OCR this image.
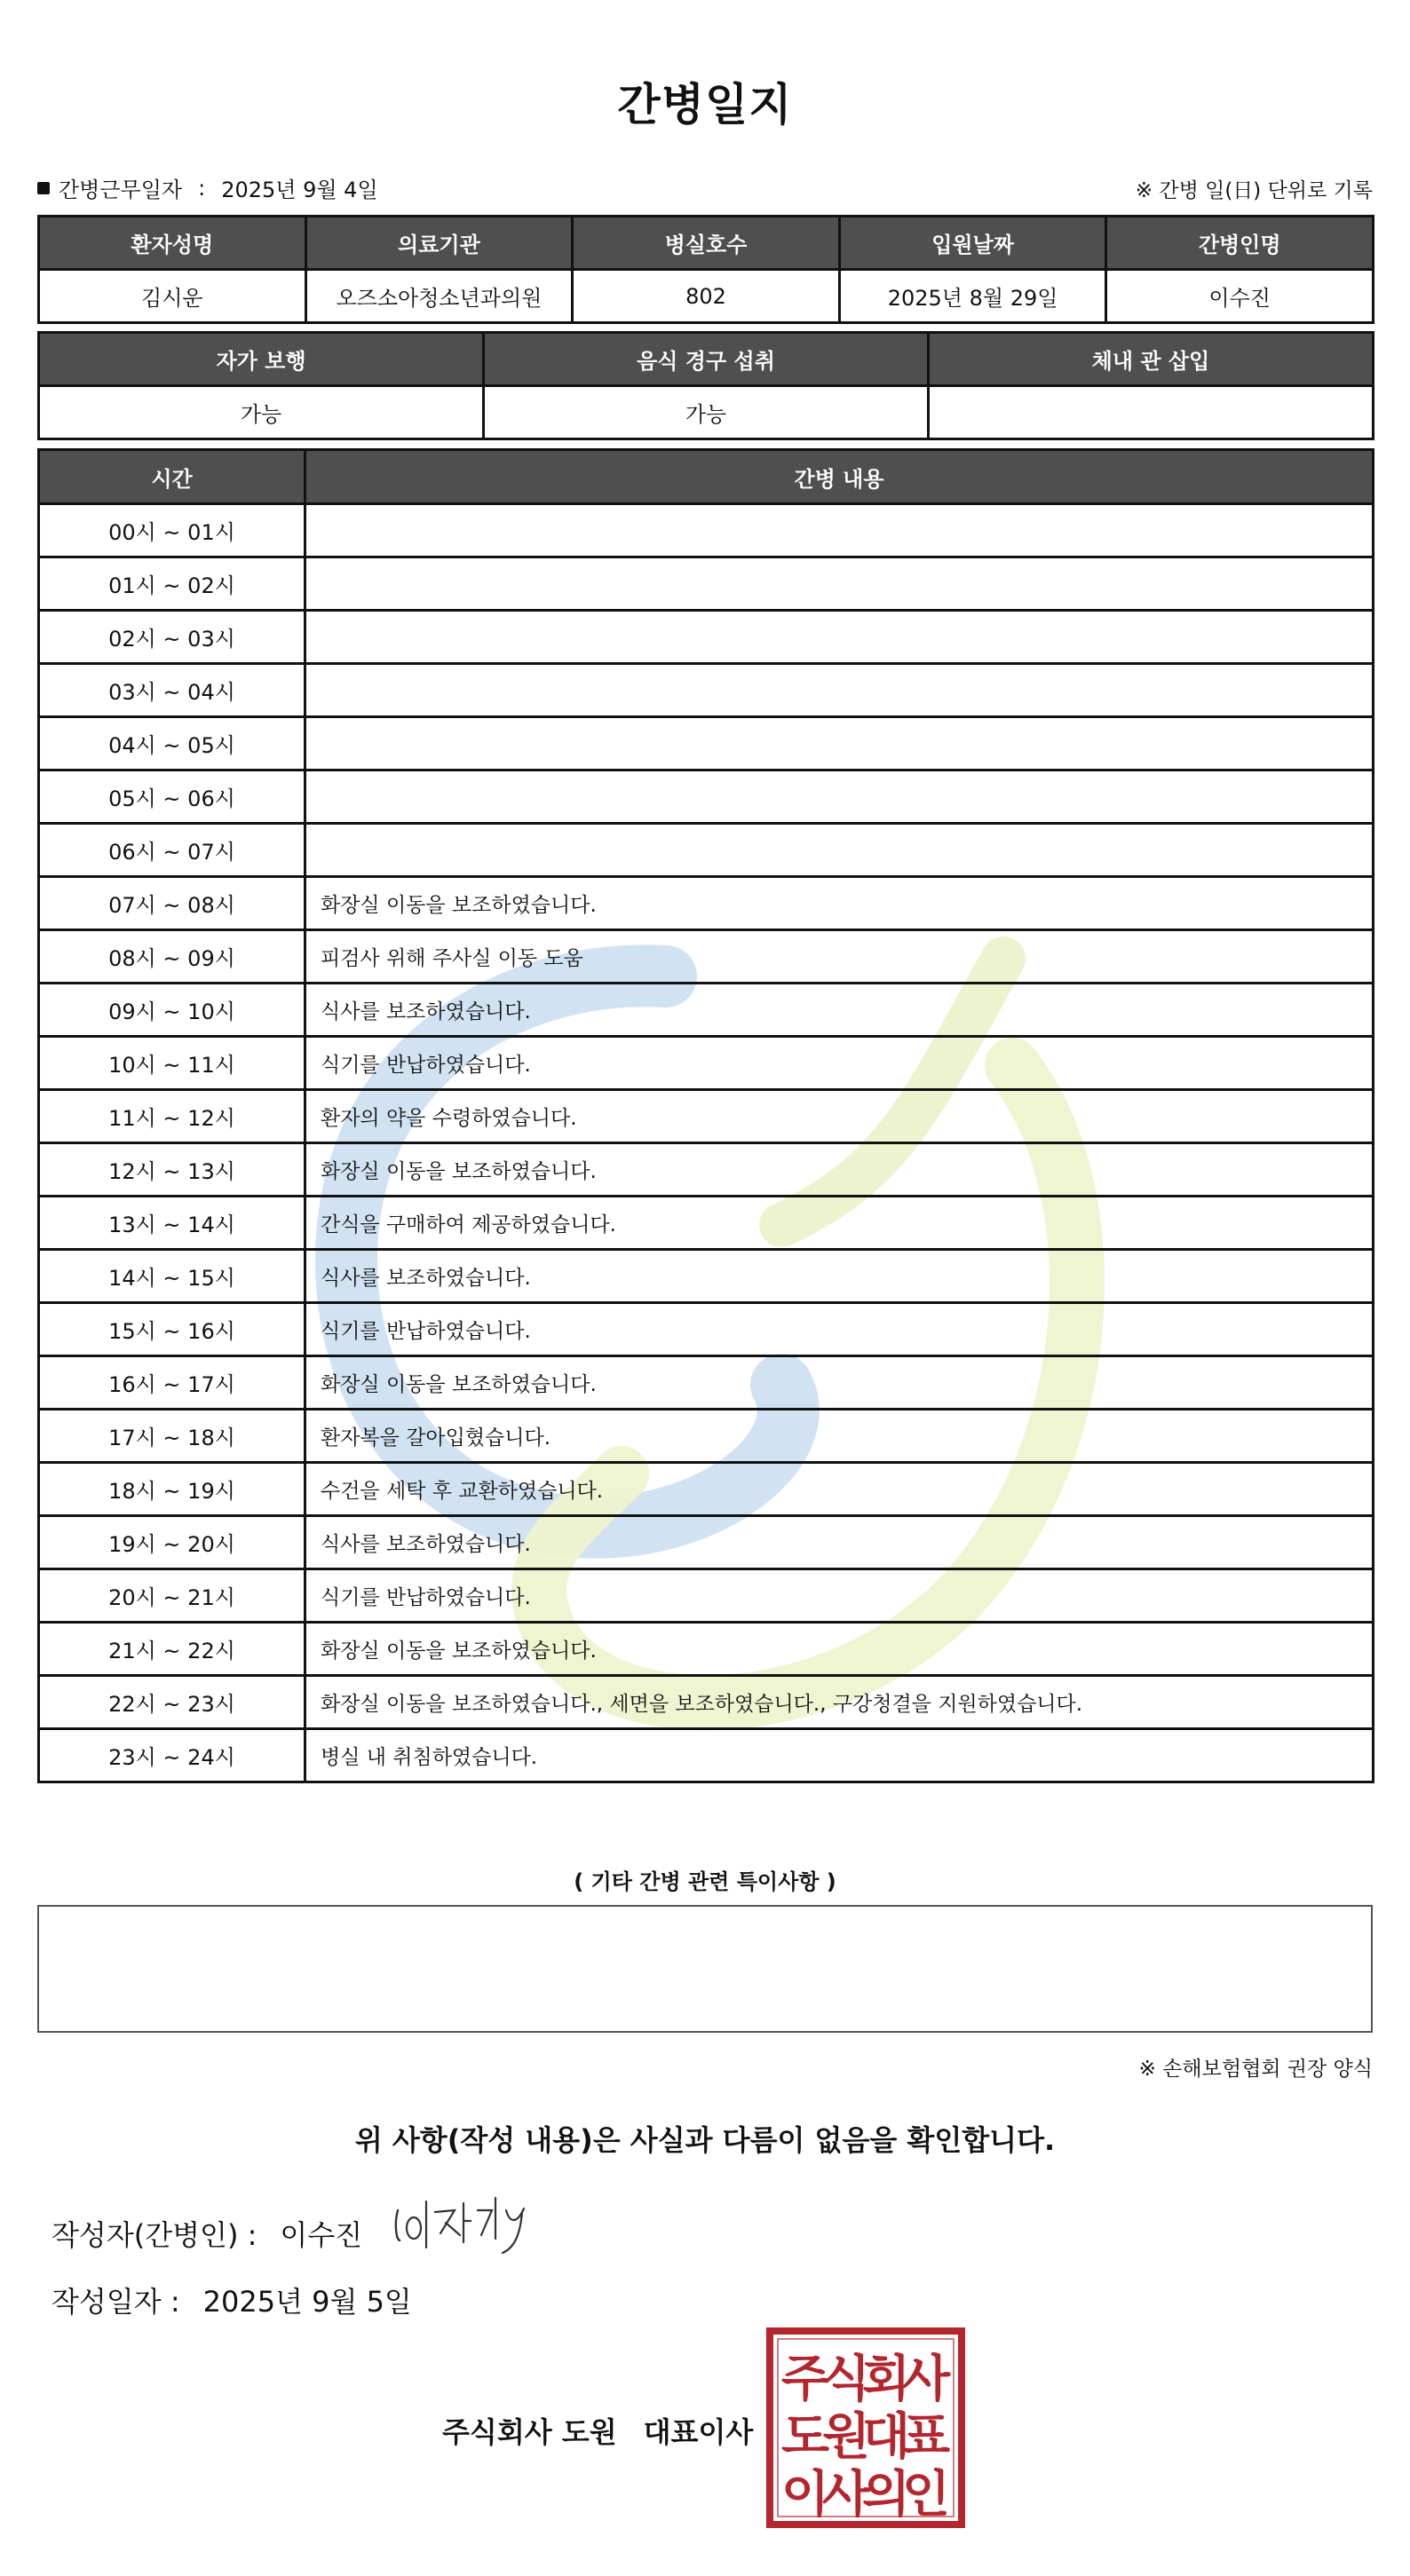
간병일지
간병근무일자 : 2025년 9월 4일	※ 간병 일(日) 단위로 기록
환자성명	의료기관	병실호수	입원날짜	간병인명
김시운	오즈소아청소년과의원	802	2025년 8월 29일	이수진
자가 보행	음식 경구 섭취	체내 관 삽입
가능	가능	
시간	간병 내용
00시 ~ 01시	
01시 ~ 02시	
02시 ~ 03시	
03시 ~ 04시	
04시 ~ 05시	
05시 ~ 06시	
06시 ~ 07시	
07시 ~ 08시	화장실 이동을 보조하였습니다.
08시 ~ 09시	피검사 위해 주사실 이동 도움
09시 ~ 10시	식사를 보조하였습니다.
10시 ~ 11시	식기를 반납하였습니다.
11시 ~ 12시	환자의 약을 수령하였습니다.
12시 ~ 13시	화장실 이동을 보조하였습니다.
13시 ~ 14시	간식을 구매하여 제공하였습니다.
14시 ~ 15시	식사를 보조하였습니다.
15시 ~ 16시	식기를 반납하였습니다.
16시 ~ 17시	화장실 이동을 보조하였습니다.
17시 ~ 18시	환자복을 갈아입혔습니다.
18시 ~ 19시	수건을 세탁 후 교환하였습니다.
19시 ~ 20시	식사를 보조하였습니다.
20시 ~ 21시	식기를 반납하였습니다.
21시 ~ 22시	화장실 이동을 보조하였습니다.
22시 ~ 23시	화장실 이동을 보조하였습니다., 세면을 보조하였습니다., 구강청결을 지원하였습니다.
23시 ~ 24시	병실 내 취침하였습니다.
( 기타 간병 관련 특이사항 )
※ 손해보험협회 권장 양식
위 사항(작성 내용)은 사실과 다름이 없음을 확인합니다.
작성자(간병인) : 이수진
작성일자 : 2025년 9월 5일
주식회사 도원 대표이사
주
식
회
사
도
원
대
표
이
사
의
인
